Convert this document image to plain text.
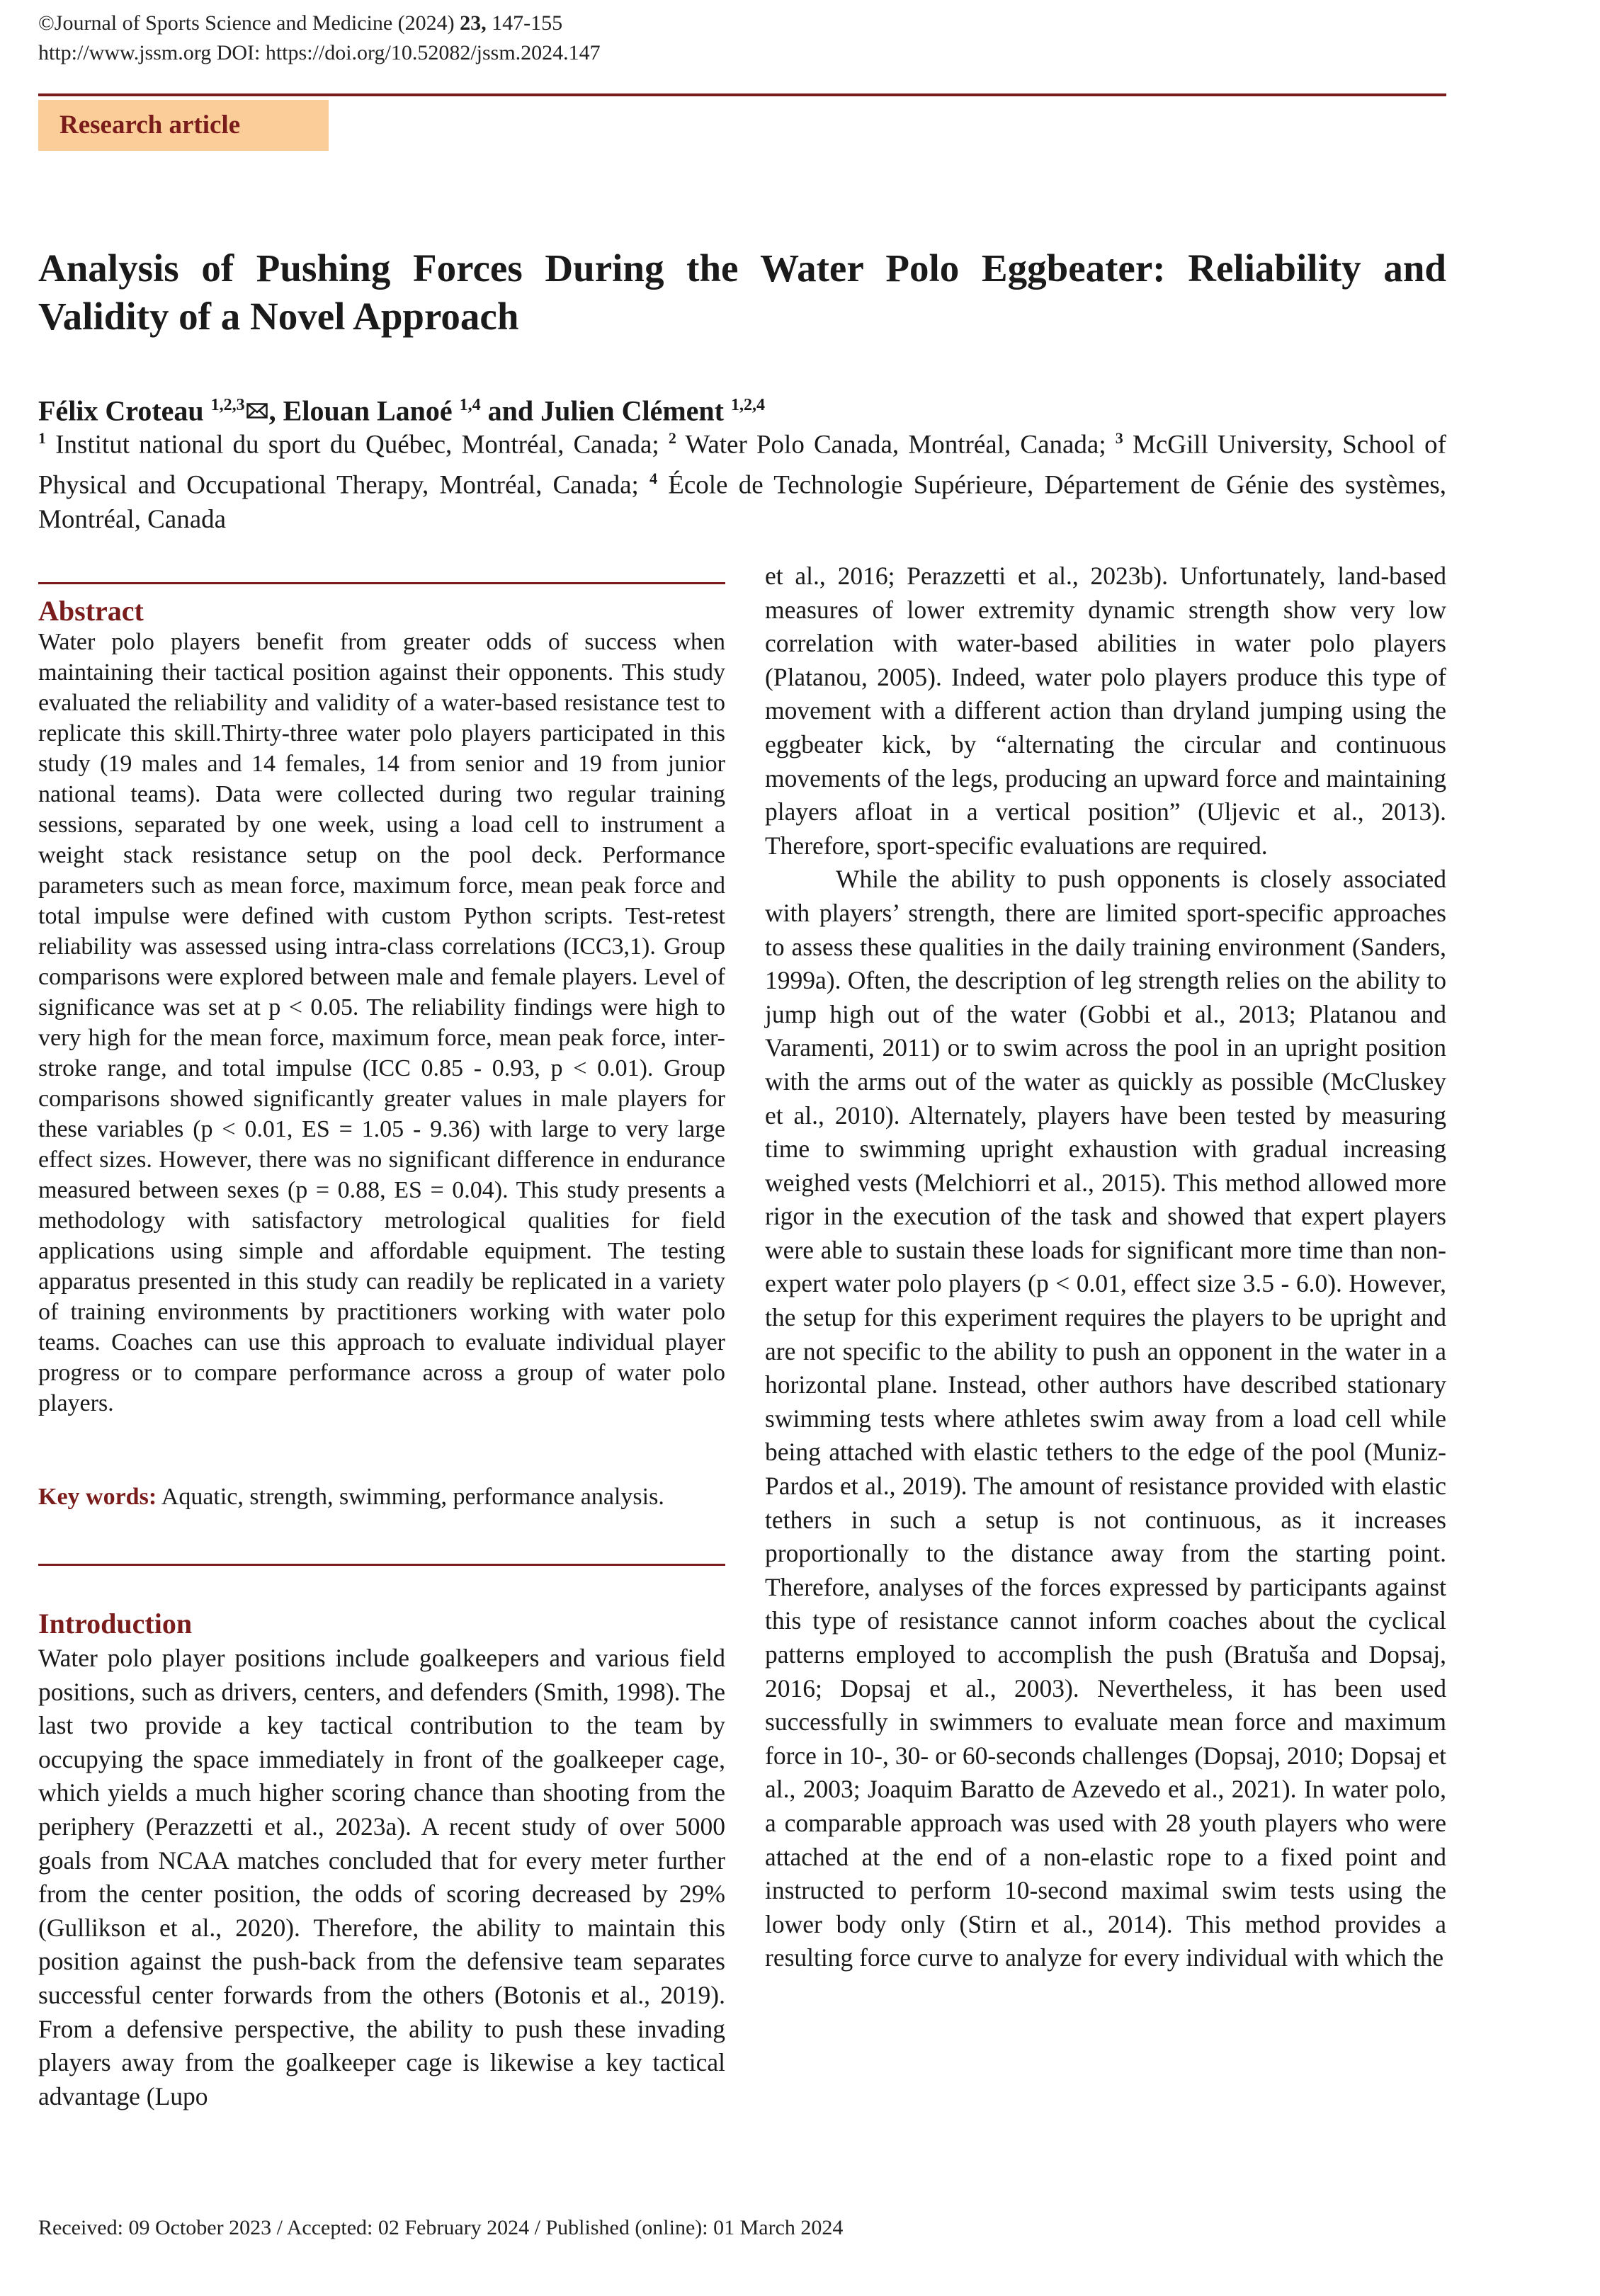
©Journal of Sports Science and Medicine (2024) 23, 147-155
http://www.jssm.org DOI: https://doi.org/10.52082/jssm.2024.147
Research article
Analysis of Pushing Forces During the Water Polo Eggbeater: Reliability and Validity of a Novel Approach
Félix Croteau $^{1,2,3}$ , Elouan Lanoé $^{1,4}$ and Julien Clément $^{1,2,4}$
$^1$ Institut national du sport du Québec, Montréal, Canada; $^2$ Water Polo Canada, Montréal, Canada; $^3$ McGill University, School of Physical and Occupational Therapy, Montréal, Canada; $^4$ École de Technologie Supérieure, Département de Génie des systèmes, Montréal, Canada
Abstract
Water polo players benefit from greater odds of success when maintaining their tactical position against their opponents. This study evaluated the reliability and validity of a water-based resistance test to replicate this skill.Thirty-three water polo players participated in this study (19 males and 14 females, 14 from senior and 19 from junior national teams). Data were collected during two regular training sessions, separated by one week, using a load cell to instrument a weight stack resistance setup on the pool deck. Performance parameters such as mean force, maximum force, mean peak force and total impulse were defined with custom Python scripts. Test-retest reliability was assessed using intra-class correlations (ICC3,1). Group comparisons were explored between male and female players. Level of significance was set at p < 0.05. The reliability findings were high to very high for the mean force, maximum force, mean peak force, inter-stroke range, and total impulse (ICC 0.85 - 0.93, p < 0.01). Group comparisons showed significantly greater values in male players for these variables (p < 0.01, ES = 1.05 - 9.36) with large to very large effect sizes. However, there was no significant difference in endurance measured between sexes (p = 0.88, ES = 0.04). This study presents a methodology with satisfactory metrological qualities for field applications using simple and affordable equipment. The testing apparatus presented in this study can readily be replicated in a variety of training environments by practitioners working with water polo teams. Coaches can use this approach to evaluate individual player progress or to compare performance across a group of water polo players.
Key words: Aquatic, strength, swimming, performance analysis.
Introduction
Water polo player positions include goalkeepers and various field positions, such as drivers, centers, and defenders (Smith, 1998). The last two provide a key tactical contribution to the team by occupying the space immediately in front of the goalkeeper cage, which yields a much higher scoring chance than shooting from the periphery (Perazzetti et al., 2023a). A recent study of over 5000 goals from NCAA matches concluded that for every meter further from the center position, the odds of scoring decreased by 29% (Gullikson et al., 2020). Therefore, the ability to maintain this position against the push-back from the defensive team separates successful center forwards from the others (Botonis et al., 2019). From a defensive perspective, the ability to push these invading players away from the goalkeeper cage is likewise a key tactical advantage (Lupo
et al., 2016; Perazzetti et al., 2023b). Unfortunately, land-based measures of lower extremity dynamic strength show very low correlation with water-based abilities in water polo players (Platanou, 2005). Indeed, water polo players produce this type of movement with a different action than dryland jumping using the eggbeater kick, by “alternating the circular and continuous movements of the legs, producing an upward force and maintaining players afloat in a vertical position” (Uljevic et al., 2013). Therefore, sport-specific evaluations are required.
While the ability to push opponents is closely associated with players’ strength, there are limited sport-specific approaches to assess these qualities in the daily training environment (Sanders, 1999a). Often, the description of leg strength relies on the ability to jump high out of the water (Gobbi et al., 2013; Platanou and Varamenti, 2011) or to swim across the pool in an upright position with the arms out of the water as quickly as possible (McCluskey et al., 2010). Alternately, players have been tested by measuring time to swimming upright exhaustion with gradual increasing weighed vests (Melchiorri et al., 2015). This method allowed more rigor in the execution of the task and showed that expert players were able to sustain these loads for significant more time than non-expert water polo players (p < 0.01, effect size 3.5 - 6.0). However, the setup for this experiment requires the players to be upright and are not specific to the ability to push an opponent in the water in a horizontal plane. Instead, other authors have described stationary swimming tests where athletes swim away from a load cell while being attached with elastic tethers to the edge of the pool (Muniz-Pardos et al., 2019). The amount of resistance provided with elastic tethers in such a setup is not continuous, as it increases proportionally to the distance away from the starting point. Therefore, analyses of the forces expressed by participants against this type of resistance cannot inform coaches about the cyclical patterns employed to accomplish the push (Bratuša and Dopsaj, 2016; Dopsaj et al., 2003). Nevertheless, it has been used successfully in swimmers to evaluate mean force and maximum force in 10-, 30- or 60-seconds challenges (Dopsaj, 2010; Dopsaj et al., 2003; Joaquim Baratto de Azevedo et al., 2021). In water polo, a comparable approach was used with 28 youth players who were attached at the end of a non-elastic rope to a fixed point and instructed to perform 10-second maximal swim tests using the lower body only (Stirn et al., 2014). This method provides a resulting force curve to analyze for every individual with which the
Received: 09 October 2023 / Accepted: 02 February 2024 / Published (online): 01 March 2024
